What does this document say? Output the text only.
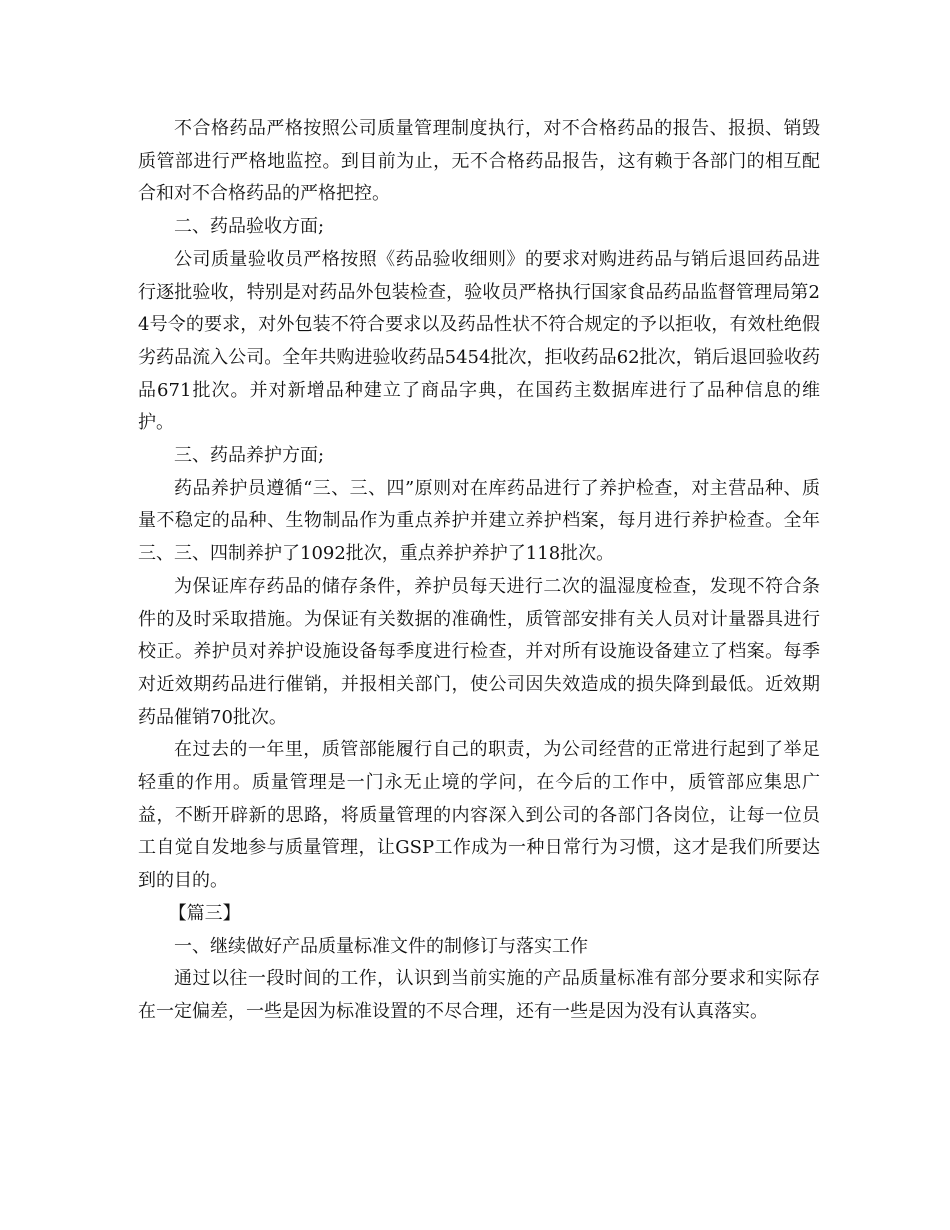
不合格药品严格按照公司质量管理制度执行，对不合格药品的报告、报损、销毁质管部进行严格地监控。到目前为止，无不合格药品报告，这有赖于各部门的相互配合和对不合格药品的严格把控。

二、药品验收方面;

公司质量验收员严格按照《药品验收细则》的要求对购进药品与销后退回药品进行逐批验收，特别是对药品外包装检查，验收员严格执行国家食品药品监督管理局第24号令的要求，对外包装不符合要求以及药品性状不符合规定的予以拒收，有效杜绝假劣药品流入公司。全年共购进验收药品5454批次，拒收药品62批次，销后退回验收药品671批次。并对新增品种建立了商品字典，在国药主数据库进行了品种信息的维护。

三、药品养护方面;

药品养护员遵循“三、三、四”原则对在库药品进行了养护检查，对主营品种、质量不稳定的品种、生物制品作为重点养护并建立养护档案，每月进行养护检查。全年三、三、四制养护了1092批次，重点养护养护了118批次。

为保证库存药品的储存条件，养护员每天进行二次的温湿度检查，发现不符合条件的及时采取措施。为保证有关数据的准确性，质管部安排有关人员对计量器具进行校正。养护员对养护设施设备每季度进行检查，并对所有设施设备建立了档案。每季对近效期药品进行催销，并报相关部门，使公司因失效造成的损失降到最低。近效期药品催销70批次。

在过去的一年里，质管部能履行自己的职责，为公司经营的正常进行起到了举足轻重的作用。质量管理是一门永无止境的学问，在今后的工作中，质管部应集思广益，不断开辟新的思路，将质量管理的内容深入到公司的各部门各岗位，让每一位员工自觉自发地参与质量管理，让GSP工作成为一种日常行为习惯，这才是我们所要达到的目的。

【篇三】

一、继续做好产品质量标准文件的制修订与落实工作

通过以往一段时间的工作，认识到当前实施的产品质量标准有部分要求和实际存在一定偏差，一些是因为标准设置的不尽合理，还有一些是因为没有认真落实。
